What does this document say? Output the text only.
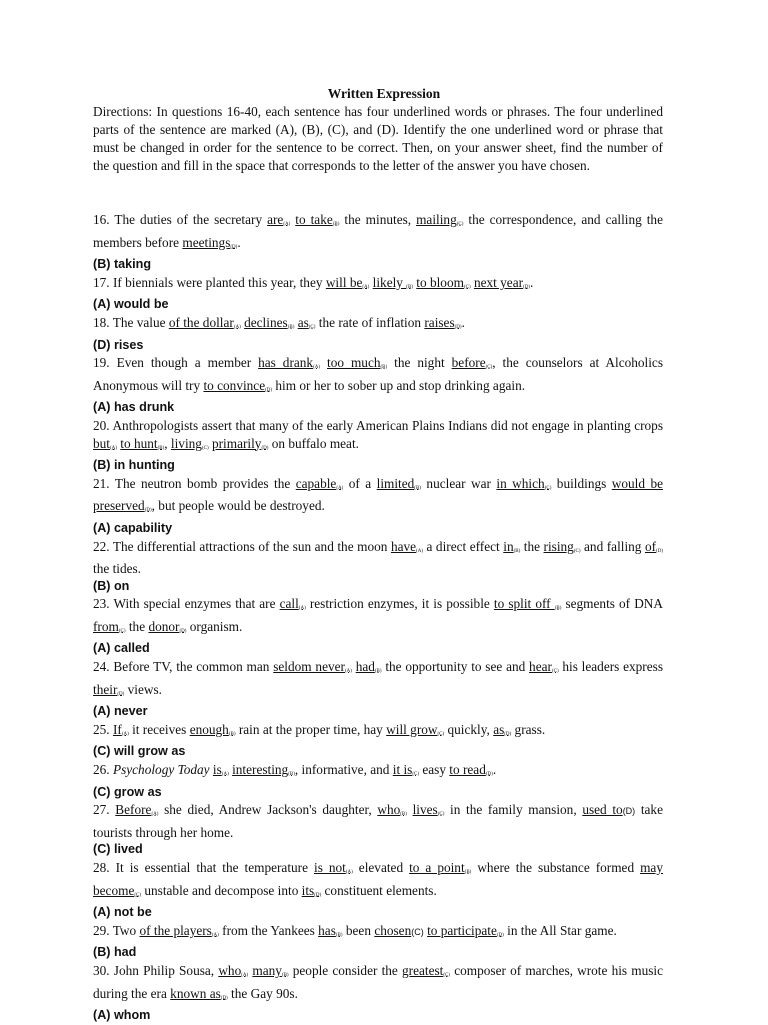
Written Expression
Directions: In questions 16-40, each sentence has four underlined words or phrases. The four underlined parts of the sentence are marked (A), (B), (C), and (D). Identify the one underlined word or phrase that must be changed in order for the sentence to be correct. Then, on your answer sheet, find the number of the question and fill in the space that corresponds to the letter of the answer you have chosen.
16. The duties of the secretary are$_{(A)}$ to take$_{(B)}$ the minutes, mailing$_{(C)}$ the correspondence, and calling the members before meetings$_{(D)}$.
(B) taking
17. If biennials were planted this year, they will $be_{(A)}$ likely $_{(B)}$ to bloom$_{(C)}$ next year$_{(D)}$.
(A) would be
18. The value of the dollar$_{(A)}$ declines$_{(B)}$ $as_{(C)}$ the rate of inflation raises$_{(D)}$.
(D) rises
19. Even though a member has drank$_{(A)}$ too much$_{(B)}$ the night before$_{(C)}$, the counselors at Alcoholics Anonymous will try to convince$_{(D)}$ him or her to sober up and stop drinking again.
(A) has drunk
20. Anthropologists assert that many of the early American Plains Indians did not engage in planting crops but$_{(A)}$ to hunt$_{(B)}$, living$_{(C)}$ primarily$_{(D)}$ on buffalo meat.
(B) in hunting
21. The neutron bomb provides the capable$_{(A)}$ of a limited$_{(B)}$ nuclear war in which$_{(C)}$ buildings would be preserved$_{(D)}$, but people would be destroyed.
(A) capability
22. The differential attractions of the sun and the moon have$_{(A)}$ a direct effect $in_{(B)}$ the rising$_{(C)}$ and falling $of_{(D)}$ the tides.
(B) on
23. With special enzymes that are call$_{(A)}$ restriction enzymes, it is possible to split off $_{(B)}$ segments of DNA from$_{(C)}$ the donor$_{(D)}$ organism.
(A) called
24. Before TV, the common man seldom never$_{(A)}$ had$_{(B)}$ the opportunity to see and hear$_{(C)}$ his leaders express their$_{(D)}$ views.
(A) never
25. $If_{(A)}$ it receives enough$_{(B)}$ rain at the proper time, hay will grow$_{(C)}$ quickly, $as_{(D)}$ grass.
(C) will grow as
26. Psychology Today $is_{(A)}$ interesting$_{(B)}$, informative, and it $is_{(C)}$ easy to read$_{(D)}$.
(C) grow as
27. Before$_{(A)}$ she died, Andrew Jackson's daughter, who$_{(B)}$ lives$_{(C)}$ in the family mansion, used to(D) take tourists through her home.
(C) lived
28. It is essential that the temperature is not$_{(A)}$ elevated to a point$_{(B)}$ where the substance formed may become$_{(C)}$ unstable and decompose into its$_{(D)}$ constituent elements.
(A) not be
29. Two of the players$_{(A)}$ from the Yankees has$_{(B)}$ been chosen(C) to participate$_{(D)}$ in the All Star game.
(B) had
30. John Philip Sousa, who$_{(A)}$ many$_{(B)}$ people consider the greatest$_{(C)}$ composer of marches, wrote his music during the era known $as_{(D)}$ the Gay 90s.
(A) whom
